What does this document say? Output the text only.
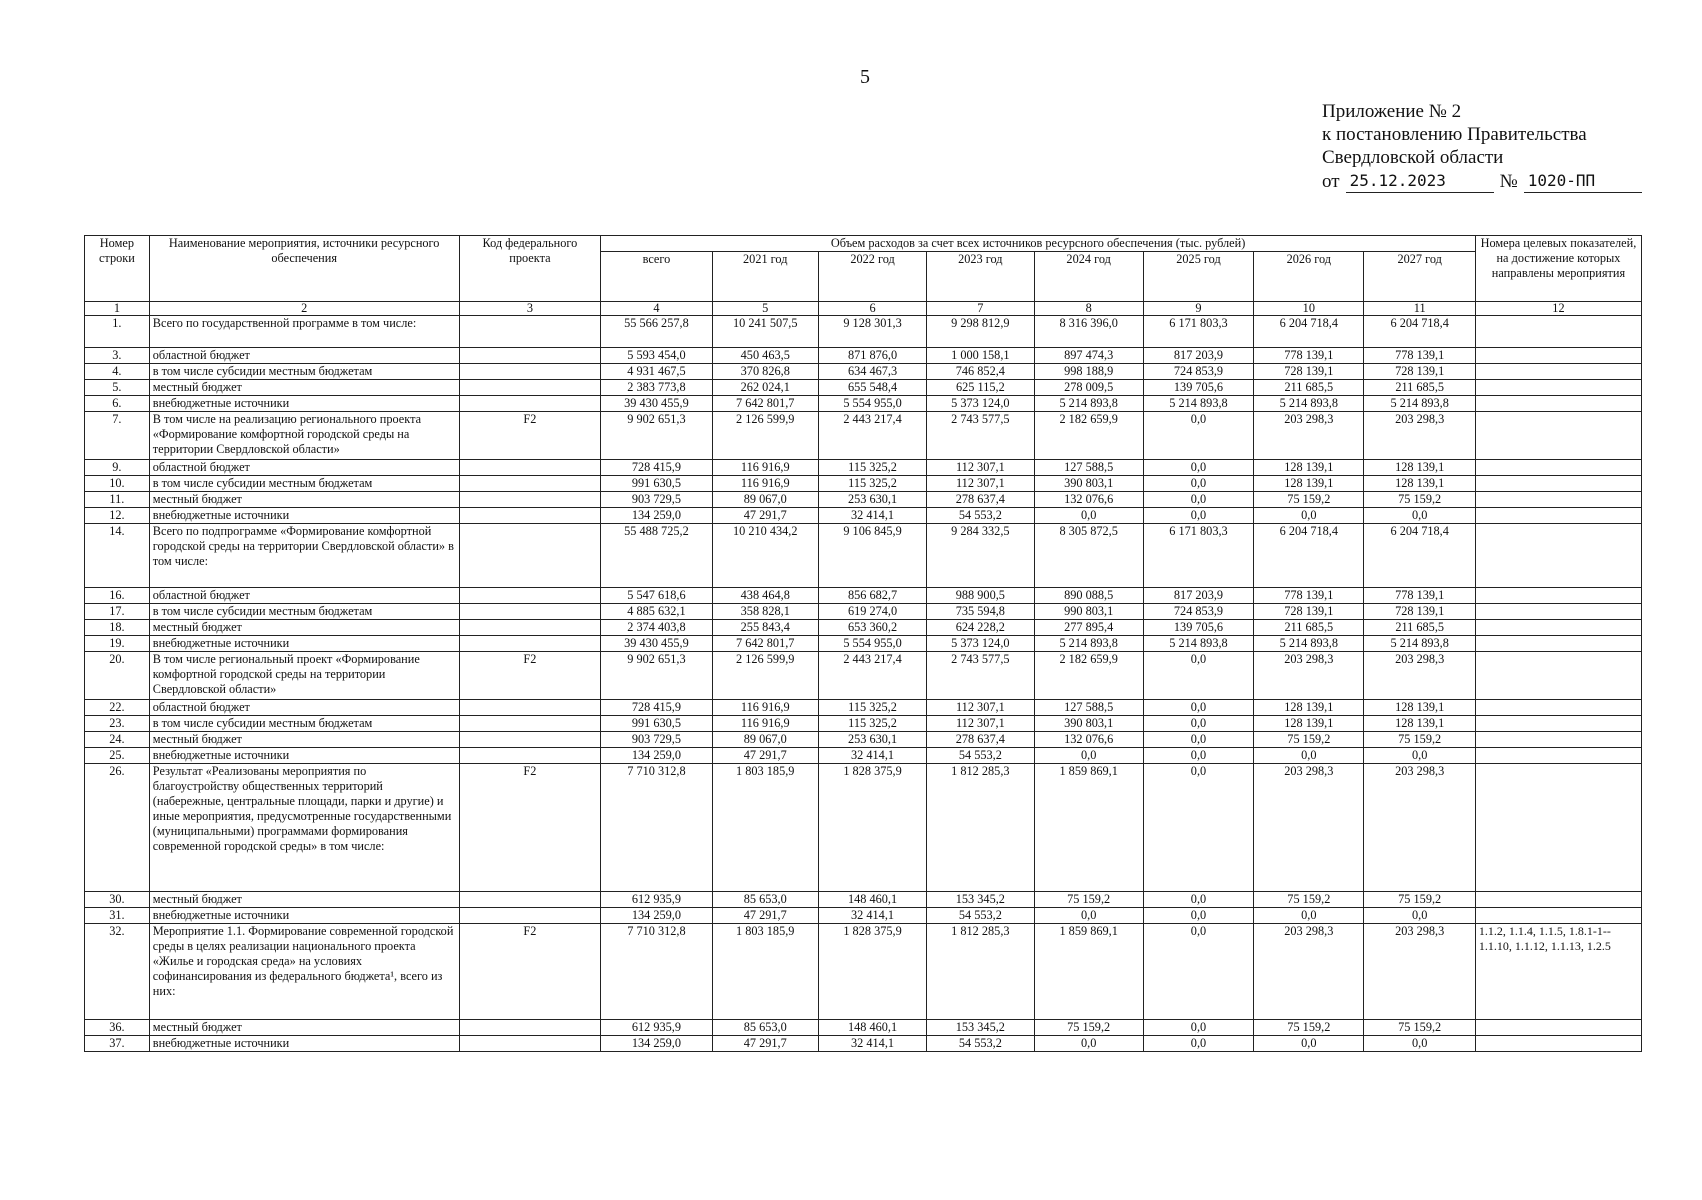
5
Приложение № 2
к постановлению Правительства
Свердловской области
от 25.12.2023	№ 1020-ПП
Номер строки	Наименование мероприятия, источники ресурсного обеспечения	Код федерального проекта	Объем расходов за счет всех источников ресурсного обеспечения (тыс. рублей)								Номера целевых показателей, на достижение которых направлены мероприятия
			всего	2021 год	2022 год	2023 год	2024 год	2025 год	2026 год	2027 год	
1	2	3	4	5	6	7	8	9	10	11	12
1.	Всего по государственной программе в том числе:		55 566 257,8	10 241 507,5	9 128 301,3	9 298 812,9	8 316 396,0	6 171 803,3	6 204 718,4	6 204 718,4	
3.	областной бюджет		5 593 454,0	450 463,5	871 876,0	1 000 158,1	897 474,3	817 203,9	778 139,1	778 139,1	
4.	в том числе субсидии местным бюджетам		4 931 467,5	370 826,8	634 467,3	746 852,4	998 188,9	724 853,9	728 139,1	728 139,1	
5.	местный бюджет		2 383 773,8	262 024,1	655 548,4	625 115,2	278 009,5	139 705,6	211 685,5	211 685,5	
6.	внебюджетные источники		39 430 455,9	7 642 801,7	5 554 955,0	5 373 124,0	5 214 893,8	5 214 893,8	5 214 893,8	5 214 893,8	
7.	В том числе на реализацию регионального проекта «Формирование комфортной городской среды на территории Свердловской области»	F2	9 902 651,3	2 126 599,9	2 443 217,4	2 743 577,5	2 182 659,9	0,0	203 298,3	203 298,3	
9.	областной бюджет		728 415,9	116 916,9	115 325,2	112 307,1	127 588,5	0,0	128 139,1	128 139,1	
10.	в том числе субсидии местным бюджетам		991 630,5	116 916,9	115 325,2	112 307,1	390 803,1	0,0	128 139,1	128 139,1	
11.	местный бюджет		903 729,5	89 067,0	253 630,1	278 637,4	132 076,6	0,0	75 159,2	75 159,2	
12.	внебюджетные источники		134 259,0	47 291,7	32 414,1	54 553,2	0,0	0,0	0,0	0,0	
14.	Всего по подпрограмме «Формирование комфортной городской среды на территории Свердловской области» в том числе:		55 488 725,2	10 210 434,2	9 106 845,9	9 284 332,5	8 305 872,5	6 171 803,3	6 204 718,4	6 204 718,4	
16.	областной бюджет		5 547 618,6	438 464,8	856 682,7	988 900,5	890 088,5	817 203,9	778 139,1	778 139,1	
17.	в том числе субсидии местным бюджетам		4 885 632,1	358 828,1	619 274,0	735 594,8	990 803,1	724 853,9	728 139,1	728 139,1	
18.	местный бюджет		2 374 403,8	255 843,4	653 360,2	624 228,2	277 895,4	139 705,6	211 685,5	211 685,5	
19.	внебюджетные источники		39 430 455,9	7 642 801,7	5 554 955,0	5 373 124,0	5 214 893,8	5 214 893,8	5 214 893,8	5 214 893,8	
20.	В том числе региональный проект «Формирование комфортной городской среды на территории Свердловской области»	F2	9 902 651,3	2 126 599,9	2 443 217,4	2 743 577,5	2 182 659,9	0,0	203 298,3	203 298,3	
22.	областной бюджет		728 415,9	116 916,9	115 325,2	112 307,1	127 588,5	0,0	128 139,1	128 139,1	
23.	в том числе субсидии местным бюджетам		991 630,5	116 916,9	115 325,2	112 307,1	390 803,1	0,0	128 139,1	128 139,1	
24.	местный бюджет		903 729,5	89 067,0	253 630,1	278 637,4	132 076,6	0,0	75 159,2	75 159,2	
25.	внебюджетные источники		134 259,0	47 291,7	32 414,1	54 553,2	0,0	0,0	0,0	0,0	
26.	Результат «Реализованы мероприятия по благоустройству общественных территорий (набережные, центральные площади, парки и другие) и иные мероприятия, предусмотренные государственными (муниципальными) программами формирования современной городской среды» в том числе:	F2	7 710 312,8	1 803 185,9	1 828 375,9	1 812 285,3	1 859 869,1	0,0	203 298,3	203 298,3	
30.	местный бюджет		612 935,9	85 653,0	148 460,1	153 345,2	75 159,2	0,0	75 159,2	75 159,2	
31.	внебюджетные источники		134 259,0	47 291,7	32 414,1	54 553,2	0,0	0,0	0,0	0,0	
32.	Мероприятие 1.1. Формирование современной городской среды в целях реализации национального проекта «Жилье и городская среда» на условиях софинансирования из федерального бюджета¹, всего из них:	F2	7 710 312,8	1 803 185,9	1 828 375,9	1 812 285,3	1 859 869,1	0,0	203 298,3	203 298,3	1.1.2, 1.1.4, 1.1.5, 1.8.1-1-- 1.1.10, 1.1.12, 1.1.13, 1.2.5
36.	местный бюджет		612 935,9	85 653,0	148 460,1	153 345,2	75 159,2	0,0	75 159,2	75 159,2	
37.	внебюджетные источники		134 259,0	47 291,7	32 414,1	54 553,2	0,0	0,0	0,0	0,0	
